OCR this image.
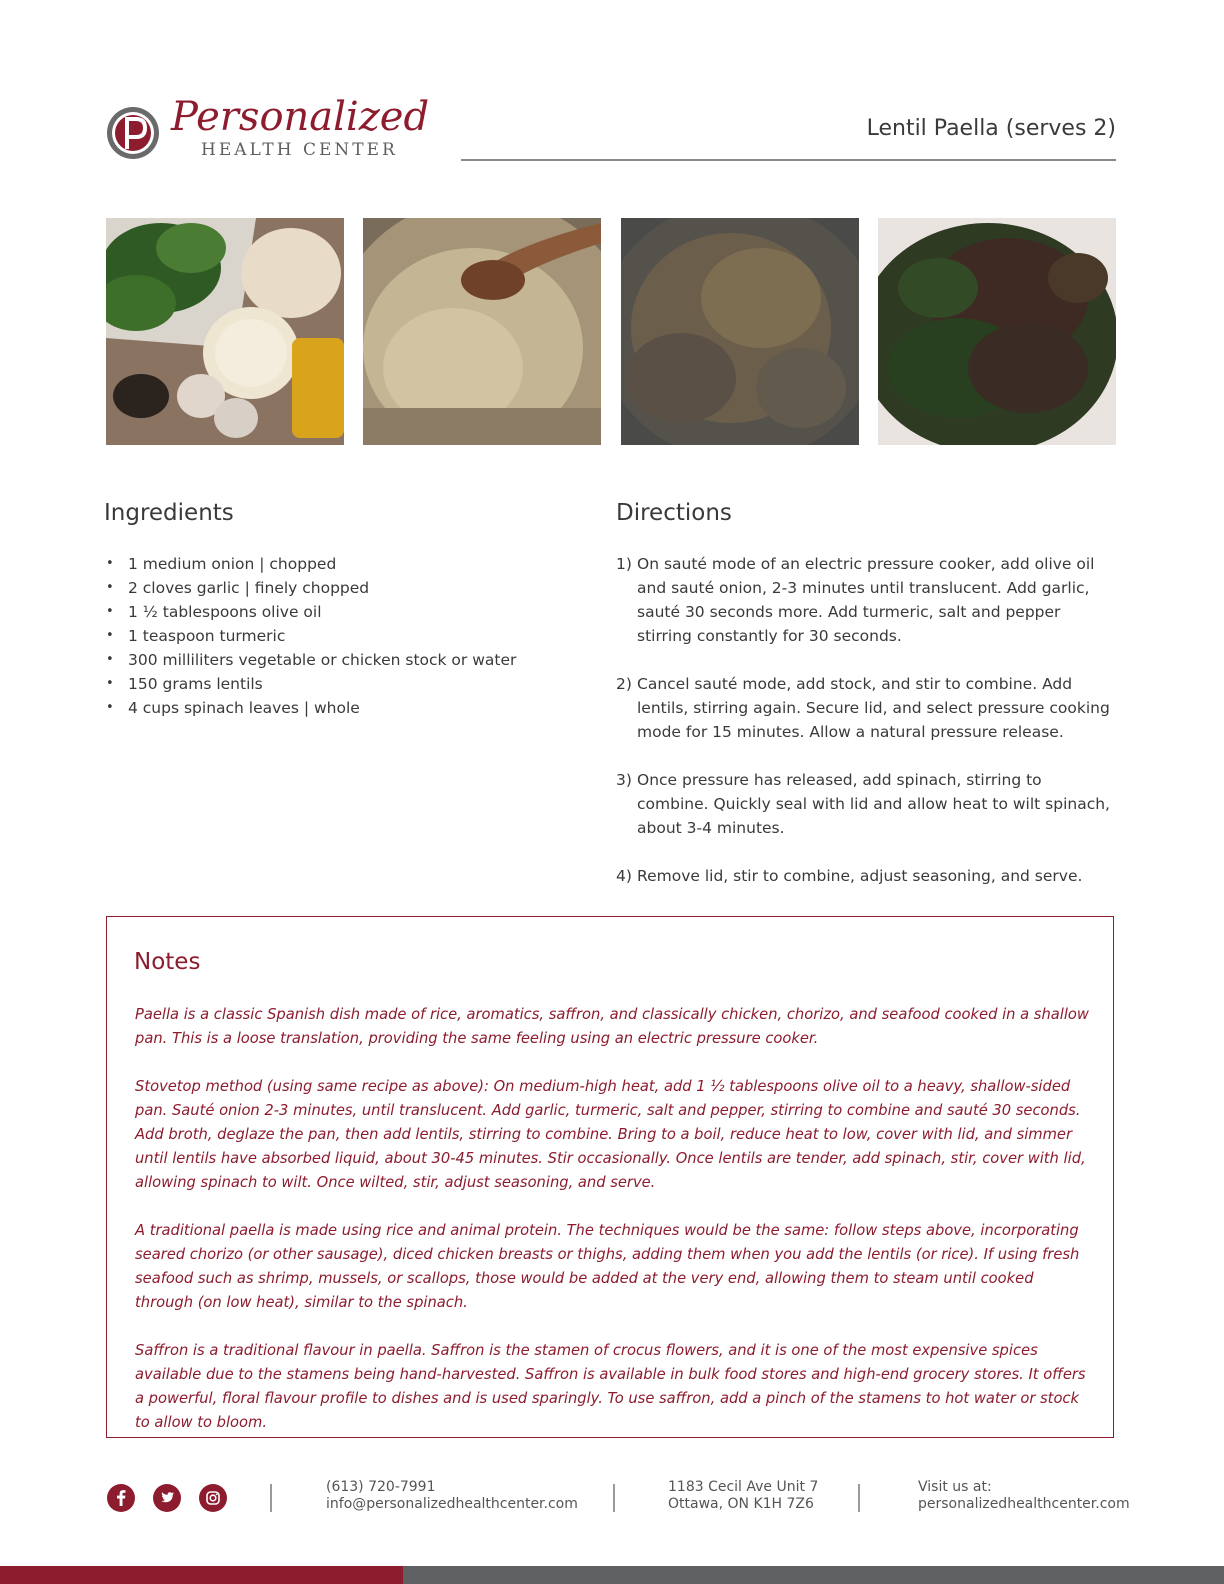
Personalized
HEALTH CENTER
Lentil Paella (serves 2)
Ingredients
• 1 medium onion | chopped
• 2 cloves garlic | finely chopped
• 1 ½ tablespoons olive oil
• 1 teaspoon turmeric
• 300 milliliters vegetable or chicken stock or water
• 150 grams lentils
• 4 cups spinach leaves | whole
Directions
1) On sauté mode of an electric pressure cooker, add olive oil and sauté onion, 2-3 minutes until translucent. Add garlic, sauté 30 seconds more. Add turmeric, salt and pepper stirring constantly for 30 seconds.
2) Cancel sauté mode, add stock, and stir to combine. Add lentils, stirring again. Secure lid, and select pressure cooking mode for 15 minutes. Allow a natural pressure release.
3) Once pressure has released, add spinach, stirring to combine. Quickly seal with lid and allow heat to wilt spinach, about 3-4 minutes.
4) Remove lid, stir to combine, adjust seasoning, and serve.
Notes

Paella is a classic Spanish dish made of rice, aromatics, saffron, and classically chicken, chorizo, and seafood cooked in a shallow pan. This is a loose translation, providing the same feeling using an electric pressure cooker.

Stovetop method (using same recipe as above): On medium-high heat, add 1 ½ tablespoons olive oil to a heavy, shallow-sided pan. Sauté onion 2-3 minutes, until translucent. Add garlic, turmeric, salt and pepper, stirring to combine and sauté 30 seconds. Add broth, deglaze the pan, then add lentils, stirring to combine. Bring to a boil, reduce heat to low, cover with lid, and simmer until lentils have absorbed liquid, about 30-45 minutes. Stir occasionally. Once lentils are tender, add spinach, stir, cover with lid, allowing spinach to wilt. Once wilted, stir, adjust seasoning, and serve.

A traditional paella is made using rice and animal protein. The techniques would be the same: follow steps above, incorporating seared chorizo (or other sausage), diced chicken breasts or thighs, adding them when you add the lentils (or rice). If using fresh seafood such as shrimp, mussels, or scallops, those would be added at the very end, allowing them to steam until cooked through (on low heat), similar to the spinach.

Saffron is a traditional flavour in paella. Saffron is the stamen of crocus flowers, and it is one of the most expensive spices available due to the stamens being hand-harvested. Saffron is available in bulk food stores and high-end grocery stores. It offers a powerful, floral flavour profile to dishes and is used sparingly. To use saffron, add a pinch of the stamens to hot water or stock to allow to bloom.

(613) 720-7991
info@personalizedhealthcenter.com
1183 Cecil Ave Unit 7
Ottawa, ON K1H 7Z6
Visit us at:
personalizedhealthcenter.com
